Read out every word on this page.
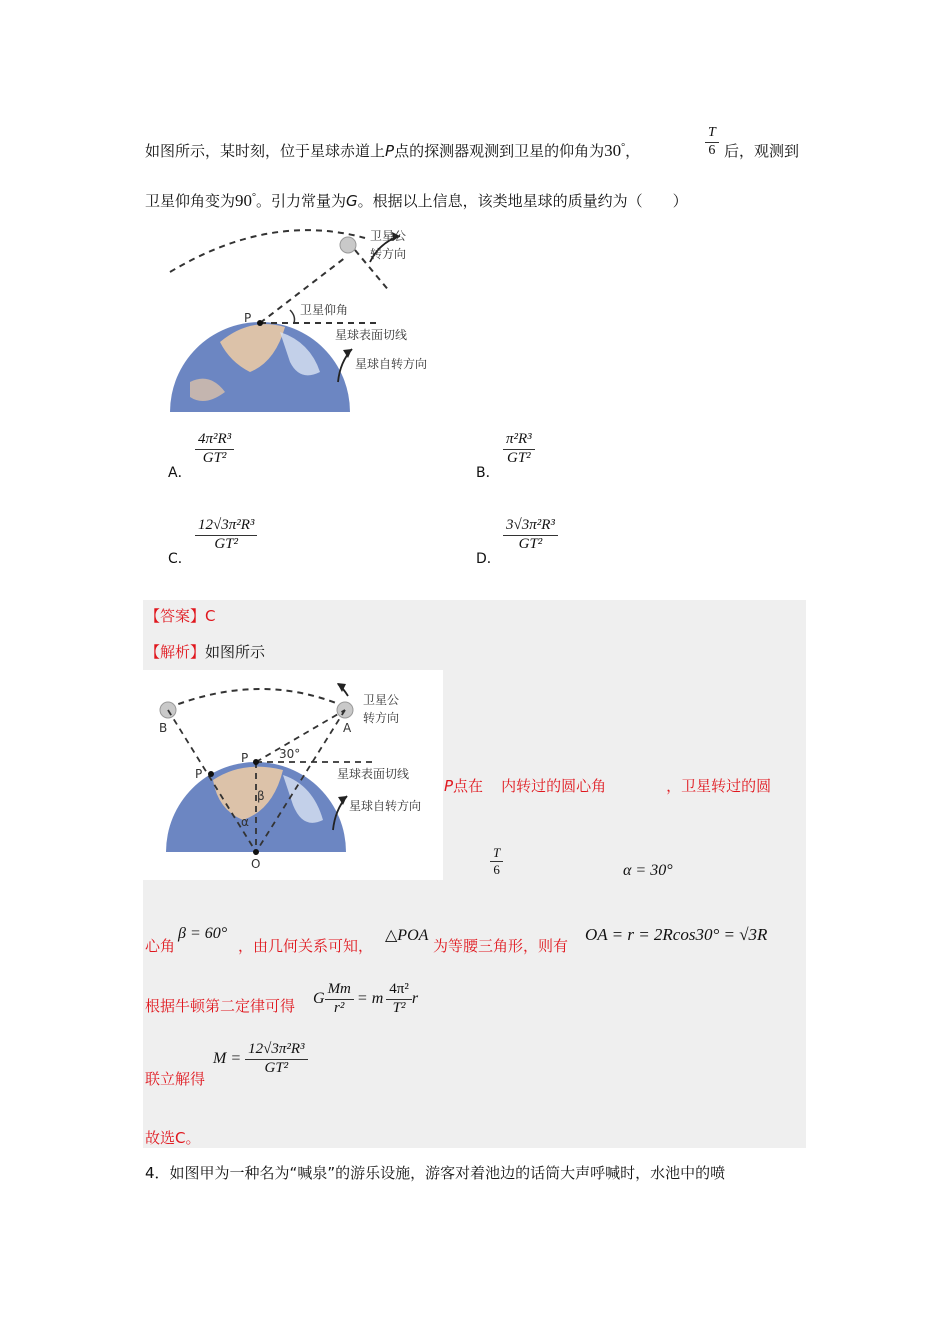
如图所示，某时刻，位于星球赤道上P点的探测器观测到卫星的仰角为30°，	$\frac{T}{6}$ 后，观测到
卫星仰角变为90°。引力常量为G。根据以上信息，该类地星球的质量约为（　　）
卫星公
转方向
P
卫星仰角
星球表面切线
星球自转方向
A．
$\frac{\text{4π²R³}}{\text{GT²}}$
B．
$\frac{\text{π²R³}}{\text{GT²}}$
C．
$\frac{\text{12√3π²R³}}{\text{GT²}}$
D．
$\frac{\text{3√3π²R³}}{\text{GT²}}$
【答案】C
【解析】如图所示
B	A
卫星公
转方向
P
P
O
30°
α
β
星球表面切线
星球自转方向
P点在 内转过的圆心角	，卫星转过的圆
$\frac{T}{6}$	α = 30°
心角
β = 60°
，由几何关系可知，
△POA
为等腰三角形，则有
OA = r = 2Rcos30° = √3R
根据牛顿第二定律可得 G $\frac{Mm}{\text{r²}} = m \frac{\text{4π²}}{\text{T²}}$ r
联立解得
$M = \frac{\text{12√3π²R³}}{\text{GT²}}$
故选C。
4．如图甲为一种名为“喊泉”的游乐设施，游客对着池边的话筒大声呼喊时，水池中的喷
